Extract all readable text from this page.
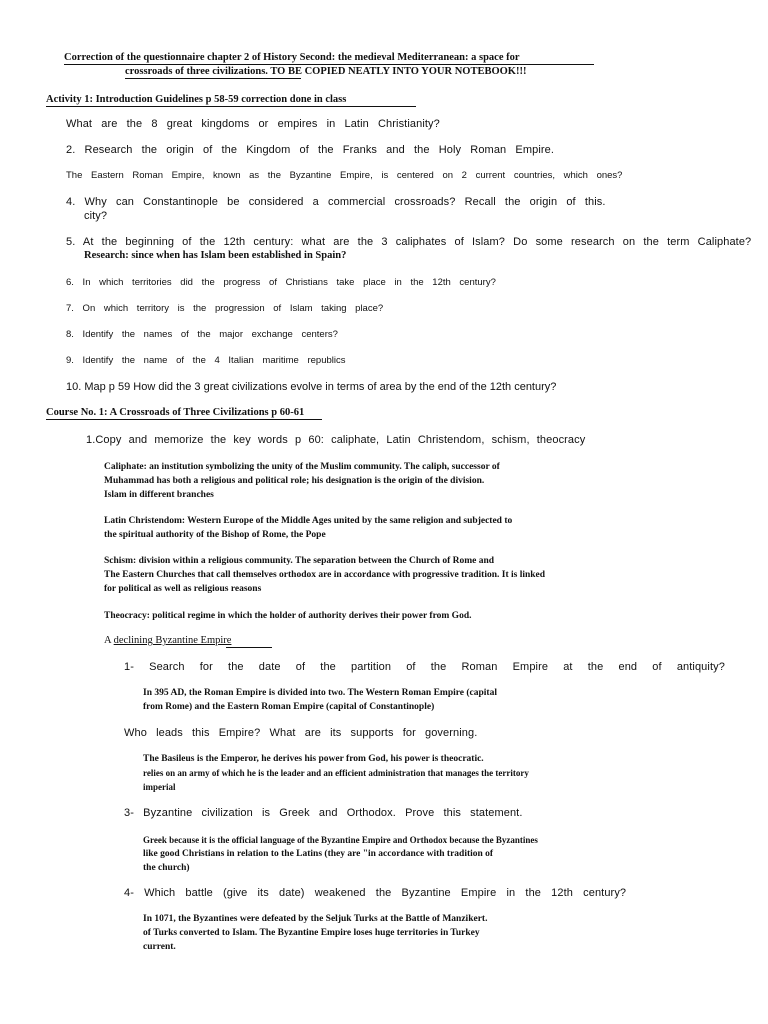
Correction of the questionnaire chapter 2 of History Second: the medieval Mediterranean: a space for
crossroads of three civilizations. TO BE COPIED NEATLY INTO YOUR NOTEBOOK!!!
Activity 1: Introduction Guidelines p 58-59 correction done in class
What are the 8 great kingdoms or empires in Latin Christianity?
2. Research the origin of the Kingdom of the Franks and the Holy Roman Empire.
The Eastern Roman Empire, known as the Byzantine Empire, is centered on 2 current countries, which ones?
4. Why can Constantinople be considered a commercial crossroads? Recall the origin of this.
city?
5. At the beginning of the 12th century: what are the 3 caliphates of Islam? Do some research on the term Caliphate?
Research: since when has Islam been established in Spain?
6. In which territories did the progress of Christians take place in the 12th century?
7. On which territory is the progression of Islam taking place?
8. Identify the names of the major exchange centers?
9. Identify the name of the 4 Italian maritime republics
10. Map p 59 How did the 3 great civilizations evolve in terms of area by the end of the 12th century?
Course No. 1: A Crossroads of Three Civilizations p 60-61
1.Copy and memorize the key words p 60: caliphate, Latin Christendom, schism, theocracy
Caliphate: an institution symbolizing the unity of the Muslim community. The caliph, successor of
Muhammad has both a religious and political role; his designation is the origin of the division.
Islam in different branches
Latin Christendom: Western Europe of the Middle Ages united by the same religion and subjected to
the spiritual authority of the Bishop of Rome, the Pope
Schism: division within a religious community. The separation between the Church of Rome and
The Eastern Churches that call themselves orthodox are in accordance with progressive tradition. It is linked
for political as well as religious reasons
Theocracy: political regime in which the holder of authority derives their power from God.
A declining Byzantine Empire
1- Search for the date of the partition of the Roman Empire at the end of antiquity?
In 395 AD, the Roman Empire is divided into two. The Western Roman Empire (capital
from Rome) and the Eastern Roman Empire (capital of Constantinople)
Who leads this Empire? What are its supports for governing.
The Basileus is the Emperor, he derives his power from God, his power is theocratic.
relies on an army of which he is the leader and an efficient administration that manages the territory
imperial
3- Byzantine civilization is Greek and Orthodox. Prove this statement.
Greek because it is the official language of the Byzantine Empire and Orthodox because the Byzantines
like good Christians in relation to the Latins (they are "in accordance with tradition of
the church)
4- Which battle (give its date) weakened the Byzantine Empire in the 12th century?
In 1071, the Byzantines were defeated by the Seljuk Turks at the Battle of Manzikert.
of Turks converted to Islam. The Byzantine Empire loses huge territories in Turkey
current.
